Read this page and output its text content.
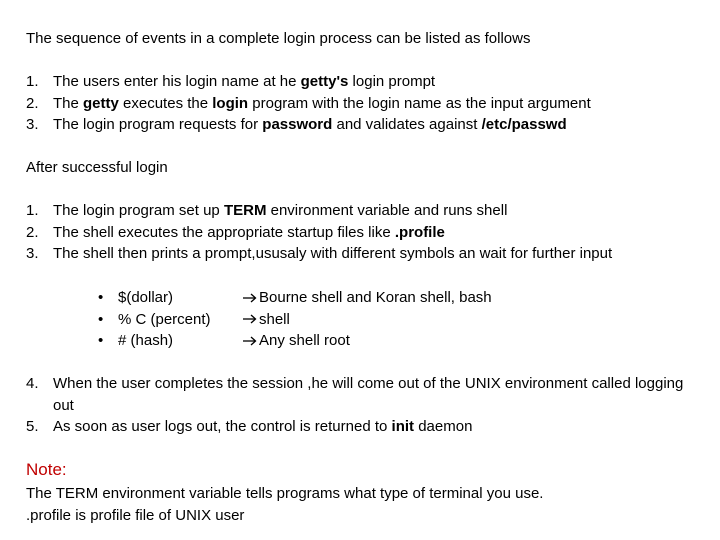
The sequence of events in a complete login process can be listed as follows

1. The users enter his login name at he getty's login prompt
2. The getty executes the login program with the login name as the input argument
3. The login program requests for password and validates against /etc/passwd

After successful login

1. The login program set up TERM environment variable and runs shell
2. The shell executes the appropriate startup files like .profile
3. The shell then prints a prompt,ususaly with different symbols an wait for further input
• $(dollar)	Bourne shell and Koran shell, bash
• % C (percent)	shell
• # (hash)	Any shell root
4. When the user completes the session ,he will come out of the UNIX environment called logging out
5. As soon as user logs out, the control is returned to init daemon

Note:

The TERM environment variable tells programs what type of terminal you use.

.profile is profile file of UNIX user
